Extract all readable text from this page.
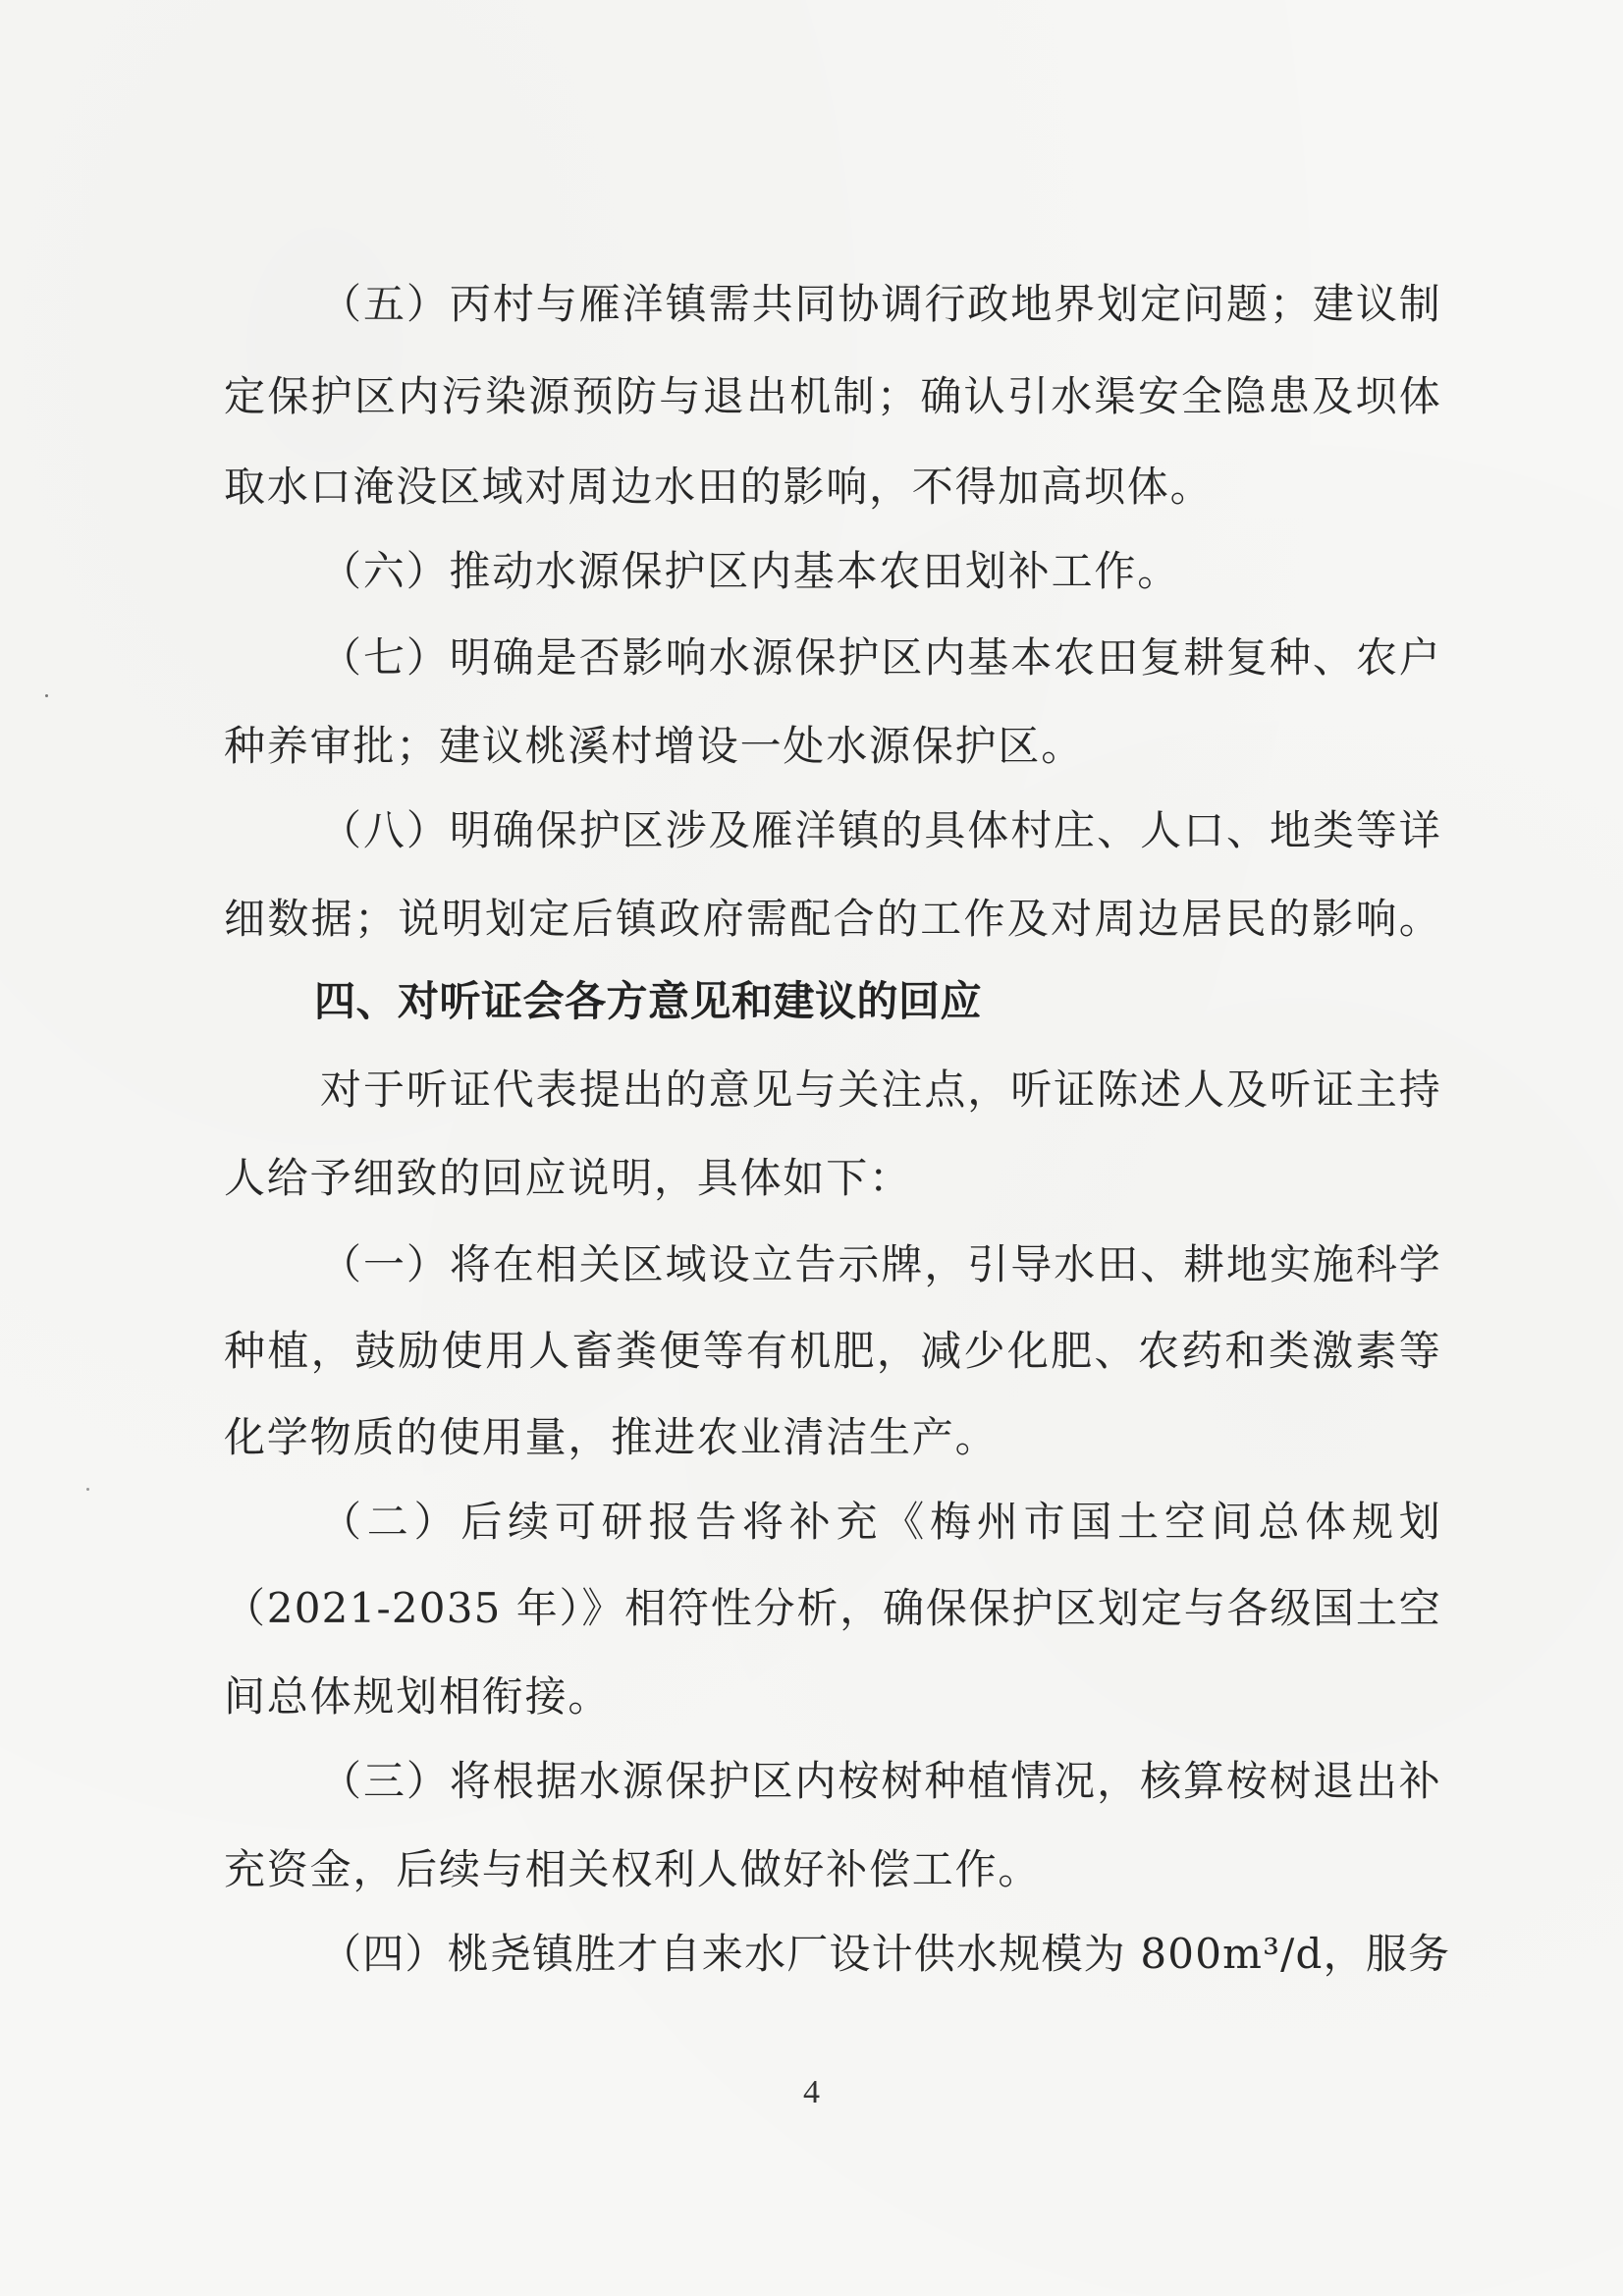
（五）丙村与雁洋镇需共同协调行政地界划定问题；建议制
定保护区内污染源预防与退出机制；确认引水渠安全隐患及坝体
取水口淹没区域对周边水田的影响，不得加高坝体。
（六）推动水源保护区内基本农田划补工作。
（七）明确是否影响水源保护区内基本农田复耕复种、农户
种养审批；建议桃溪村增设一处水源保护区。
（八）明确保护区涉及雁洋镇的具体村庄、人口、地类等详
细数据；说明划定后镇政府需配合的工作及对周边居民的影响。
四、对听证会各方意见和建议的回应
对于听证代表提出的意见与关注点，听证陈述人及听证主持
人给予细致的回应说明，具体如下：
（一）将在相关区域设立告示牌，引导水田、耕地实施科学
种植，鼓励使用人畜粪便等有机肥，减少化肥、农药和类激素等
化学物质的使用量，推进农业清洁生产。
（二）后续可研报告将补充《梅州市国土空间总体规划
（2021-2035 年）》相符性分析，确保保护区划定与各级国土空
间总体规划相衔接。
（三）将根据水源保护区内桉树种植情况，核算桉树退出补
充资金，后续与相关权利人做好补偿工作。
（四）桃尧镇胜才自来水厂设计供水规模为 800m³/d，服务
4
